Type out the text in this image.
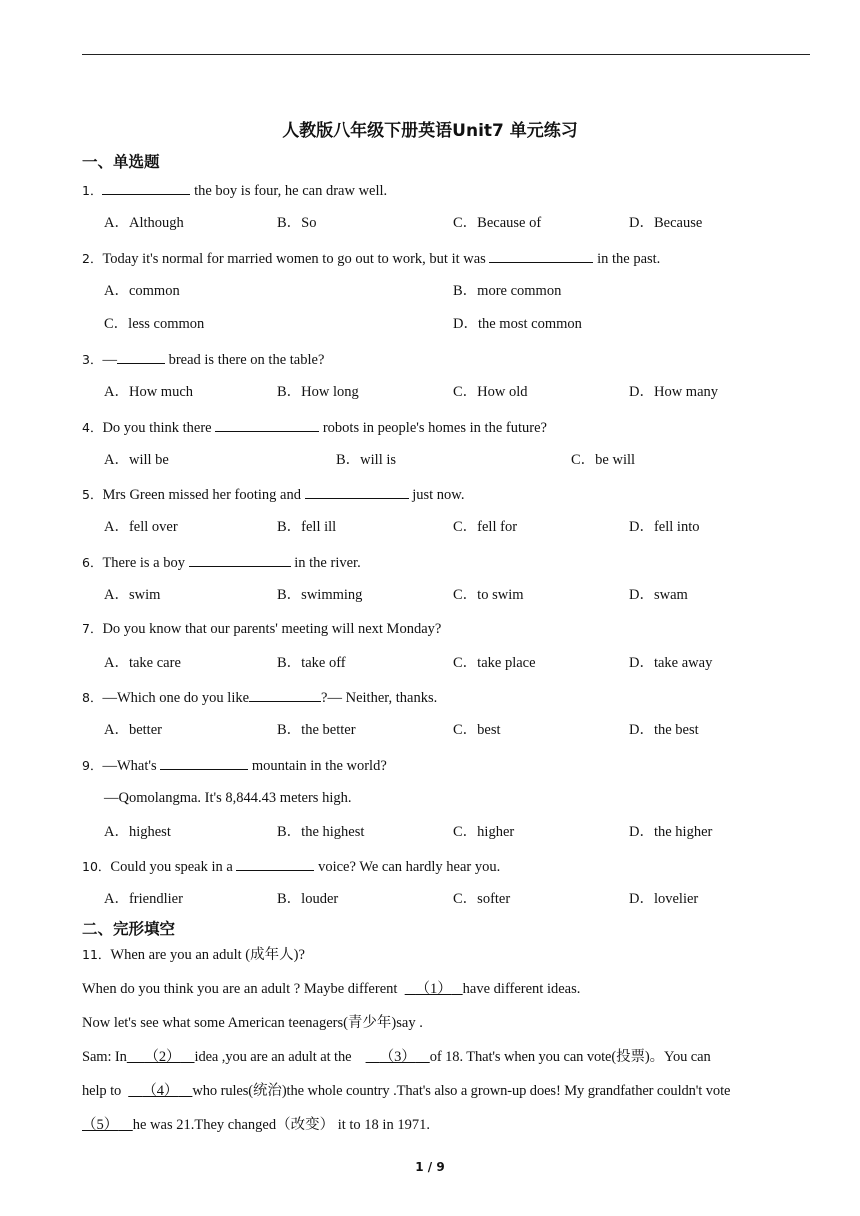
人教版八年级下册英语Unit7 单元练习
一、单选题
1．	the boy is four, he can draw well.
A．Although	B．So	C．Because of	D．Because
2．Today it's normal for married women to go out to work, but it was	in the past.
A．common	B．more common
C．less common	D．the most common
3．—	bread is there on the table?
A．How much	B．How long	C．How old	D．How many
4．Do you think there	robots in people's homes in the future?
A．will be	B．will is	C．be will
5．Mrs Green missed her footing and	just now.
A．fell over	B．fell ill	C．fell for	D．fell into
6．There is a boy	in the river.
A．swim	B．swimming	C．to swim	D．swam
7．Do you know that our parents' meeting will next Monday?
A．take care	B．take off	C．take place	D．take away
8．—Which one do you like	?— Neither, thanks.
A．better	B．the better	C．best	D．the best
9．—What's	mountain in the world?
—Qomolangma. It's 8,844.43 meters high.
A．highest	B．the highest	C．higher	D．the higher
10．Could you speak in a	voice? We can hardly hear you.
A．friendlier	B．louder	C．softer	D．lovelier
二、完形填空
11．When are you an adult (成年人)?
When do you think you are an adult ? Maybe different （1） have different ideas.
Now let's see what some American teenagers(青少年)say .
Sam: In （2） idea ,you are an adult at the （3） of 18. That's when you can vote(投票)。You can
help to （4） who rules(统治)the whole country .That's also a grown-up does! My grandfather couldn't vote
（5） he was 21.They changed（改变） it to 18 in 1971.
1 / 9
